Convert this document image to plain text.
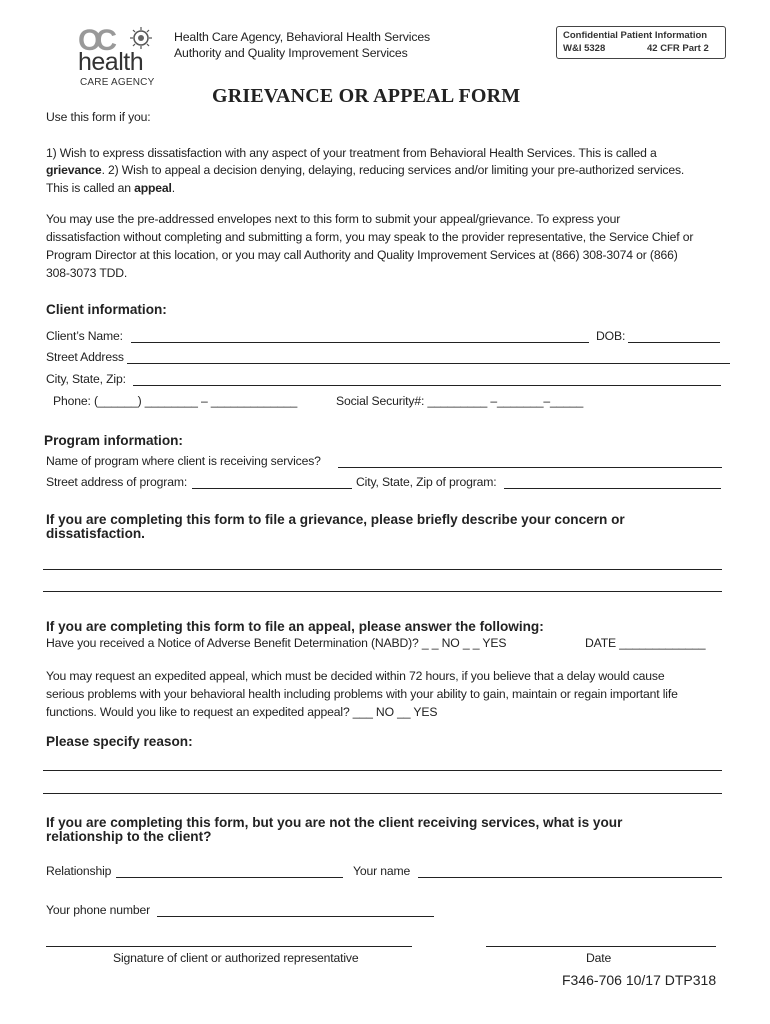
OC
health
CARE AGENCY
Health Care Agency, Behavioral Health Services
Authority and Quality Improvement Services
Confidential Patient Information
W&I 5328	42 CFR Part 2
GRIEVANCE OR APPEAL FORM
Use this form if you:
1) Wish to express dissatisfaction with any aspect of your treatment from Behavioral Health Services. This is called a
grievance. 2) Wish to appeal a decision denying, delaying, reducing services and/or limiting your pre-authorized services.
This is called an appeal.
You may use the pre-addressed envelopes next to this form to submit your appeal/grievance. To express your
dissatisfaction without completing and submitting a form, you may speak to the provider representative, the Service Chief or
Program Director at this location, or you may call Authority and Quality Improvement Services at (866) 308-3074 or (866)
308-3073 TDD.
Client information:
Client’s Name:	DOB:
Street Address
City, State, Zip:
Phone: (______) ________ – _____________	Social Security#: _________ –_______–_____
Program information:
Name of program where client is receiving services?
Street address of program:	City, State, Zip of program:
If you are completing this form to file a grievance, please briefly describe your concern or
dissatisfaction.
If you are completing this form to file an appeal, please answer the following:
Have you received a Notice of Adverse Benefit Determination (NABD)? _ _ NO _ _ YES	DATE _____________
You may request an expedited appeal, which must be decided within 72 hours, if you believe that a delay would cause
serious problems with your behavioral health including problems with your ability to gain, maintain or regain important life
functions. Would you like to request an expedited appeal? ___ NO __ YES
Please specify reason:
If you are completing this form, but you are not the client receiving services, what is your
relationship to the client?
Relationship	Your name
Your phone number
Signature of client or authorized representative	Date
F346-706 10/17 DTP318
